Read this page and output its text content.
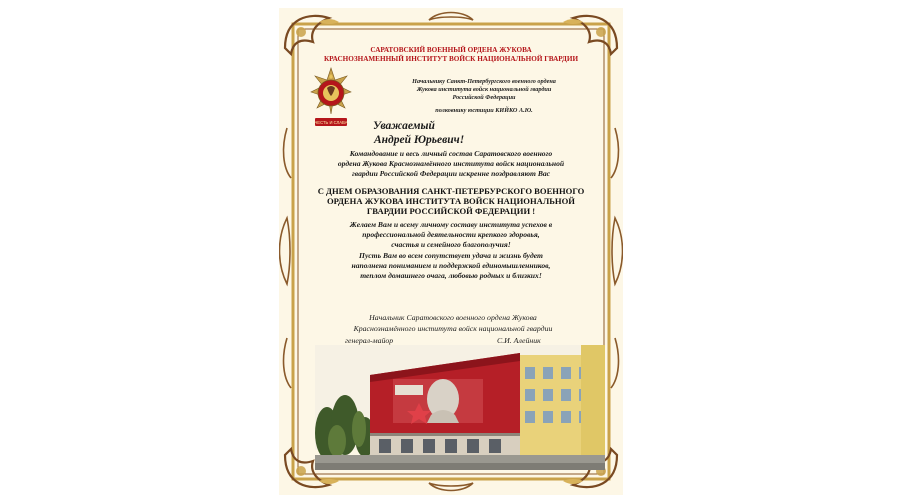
САРАТОВСКИЙ ВОЕННЫЙ ОРДЕНА ЖУКОВА
КРАСНОЗНАМЕННЫЙ ИНСТИТУТ ВОЙСК НАЦИОНАЛЬНОЙ ГВАРДИИ
ЧЕСТЬ И СЛАВА
Начальнику Санкт-Петербургского военного ордена
Жукова института войск национальной гвардии
Российской Федерации
полковнику юстиции КИЙКО А.Ю.
Уважаемый
Андрей Юрьевич!
Командование и весь личный состав Саратовского военного
ордена Жукова Краснознамённого института войск национальной
гвардии Российской Федерации искренне поздравляют Вас
С ДНЕМ ОБРАЗОВАНИЯ САНКТ-ПЕТЕРБУРСКОГО ВОЕННОГО
ОРДЕНА ЖУКОВА ИНСТИТУТА ВОЙСК НАЦИОНАЛЬНОЙ
ГВАРДИИ РОССИЙСКОЙ ФЕДЕРАЦИИ !
Желаем Вам и всему личному составу института успехов в
профессиональной деятельности крепкого здоровья,
счастья и семейного благополучия!
Пусть Вам во всем сопутствует удача и жизнь будет
наполнена пониманием и поддержкой единомышленников,
теплом домашнего очага, любовью родных и близких!
Начальник Саратовского военного ордена Жукова
Краснознамённого института войск национальной гвардии
генерал-майор	С.И. Алейник
